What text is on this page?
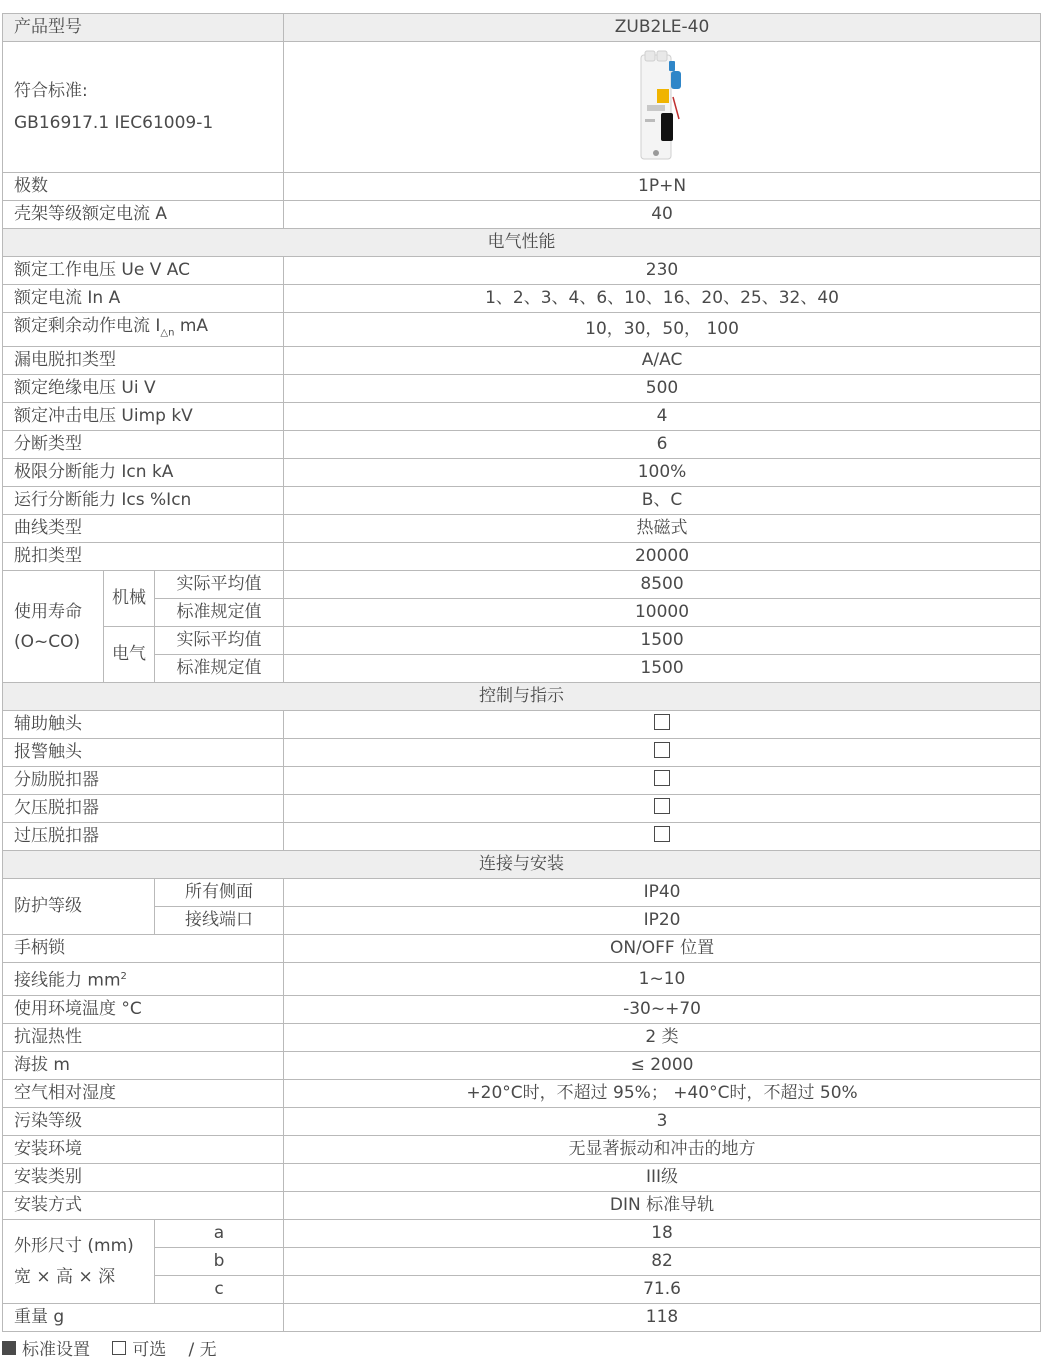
产品型号			ZUB2LE-40

符合标准:
GB16917.1 IEC61009-1

极数			1P+N
壳架等级额定电流 A			40
电气性能			
额定工作电压 Ue V AC			230
额定电流 In A			1、2、3、4、6、10、16、20、25、32、40
额定剩余动作电流 $I_{\triangle n}$ mA			10，30，50， 100
漏电脱扣类型			A/AC
额定绝缘电压 Ui V			500
额定冲击电压 Uimp kV			4
分断类型			6
极限分断能力 Icn kA			100%
运行分断能力 Ics %Icn			B、C
曲线类型			热磁式
脱扣类型			20000

使用寿命
(O~CO)	机械	实际平均值	8500
		标准规定值	10000
	电气	实际平均值	1500
		标准规定值	1500
控制与指示			
辅助触头			
报警触头			
分励脱扣器			
欠压脱扣器			
过压脱扣器			
连接与安装			
防护等级		所有侧面	IP40
		接线端口	IP20
手柄锁			ON/OFF 位置
接线能力 $mm^2$			1~10
使用环境温度 °C			-30~+70
抗湿热性			2 类
海拔 m			≤ 2000
空气相对湿度			+20°C时，不超过 95%； +40°C时，不超过 50%
污染等级			3
安装环境			无显著振动和冲击的地方
安装类别			III级
安装方式			DIN 标准导轨

外形尺寸 (mm)
宽 × 高 × 深		a	18
		b	82
		c	71.6
重量 g			118
标准设置 可选 / 无
